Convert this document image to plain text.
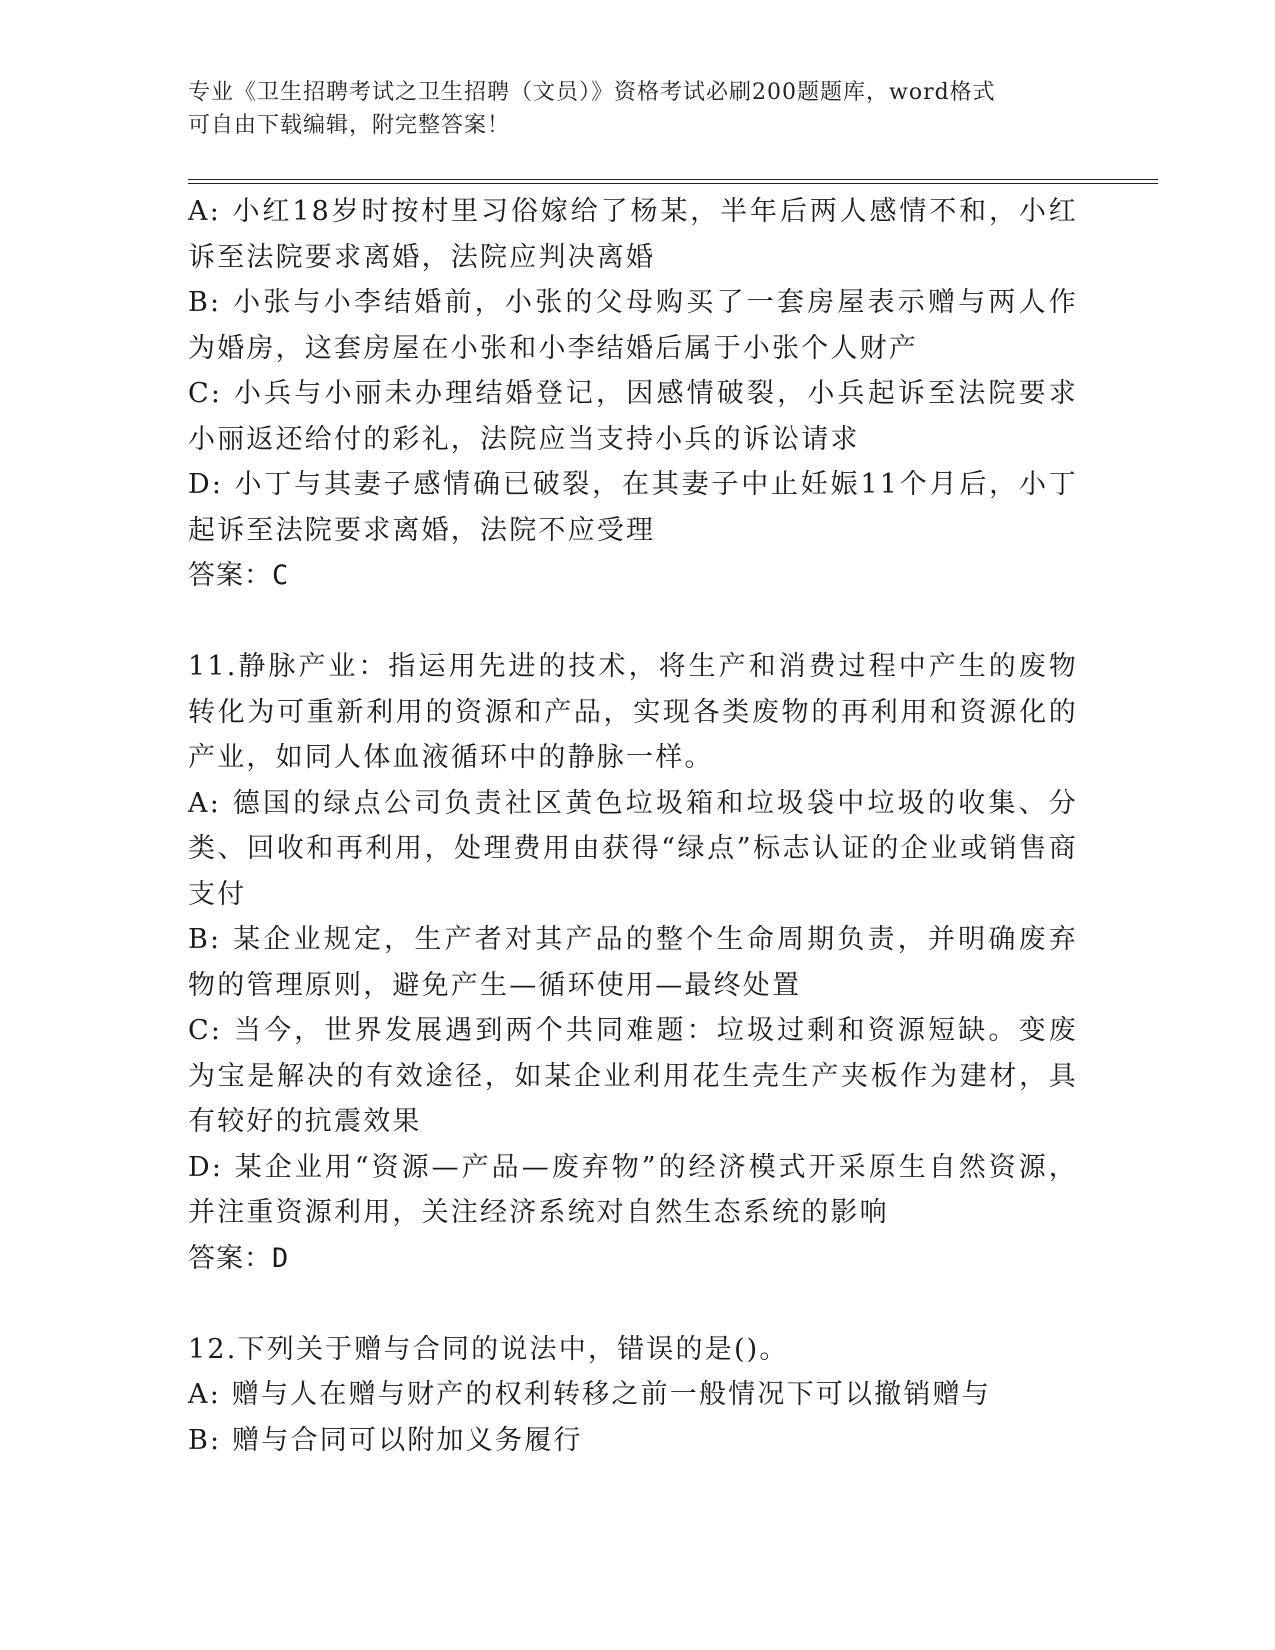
专业《卫生招聘考试之卫生招聘（文员）》资格考试必刷200题题库，word格式
可自由下载编辑，附完整答案！

A: 小红18岁时按村里习俗嫁给了杨某，半年后两人感情不和，小红诉至法院要求离婚，法院应判决离婚

B: 小张与小李结婚前，小张的父母购买了一套房屋表示赠与两人作为婚房，这套房屋在小张和小李结婚后属于小张个人财产

C: 小兵与小丽未办理结婚登记，因感情破裂，小兵起诉至法院要求小丽返还给付的彩礼，法院应当支持小兵的诉讼请求

D: 小丁与其妻子感情确已破裂，在其妻子中止妊娠11个月后，小丁起诉至法院要求离婚，法院不应受理

答案：C

11.静脉产业：指运用先进的技术，将生产和消费过程中产生的废物转化为可重新利用的资源和产品，实现各类废物的再利用和资源化的产业，如同人体血液循环中的静脉一样。

A: 德国的绿点公司负责社区黄色垃圾箱和垃圾袋中垃圾的收集、分类、回收和再利用，处理费用由获得“绿点”标志认证的企业或销售商支付

B: 某企业规定，生产者对其产品的整个生命周期负责，并明确废弃物的管理原则，避免产生—循环使用—最终处置

C: 当今，世界发展遇到两个共同难题：垃圾过剩和资源短缺。变废为宝是解决的有效途径，如某企业利用花生壳生产夹板作为建材，具有较好的抗震效果

D: 某企业用“资源—产品—废弃物”的经济模式开采原生自然资源，并注重资源利用，关注经济系统对自然生态系统的影响

答案：D

12.下列关于赠与合同的说法中，错误的是()。

A: 赠与人在赠与财产的权利转移之前一般情况下可以撤销赠与

B: 赠与合同可以附加义务履行
